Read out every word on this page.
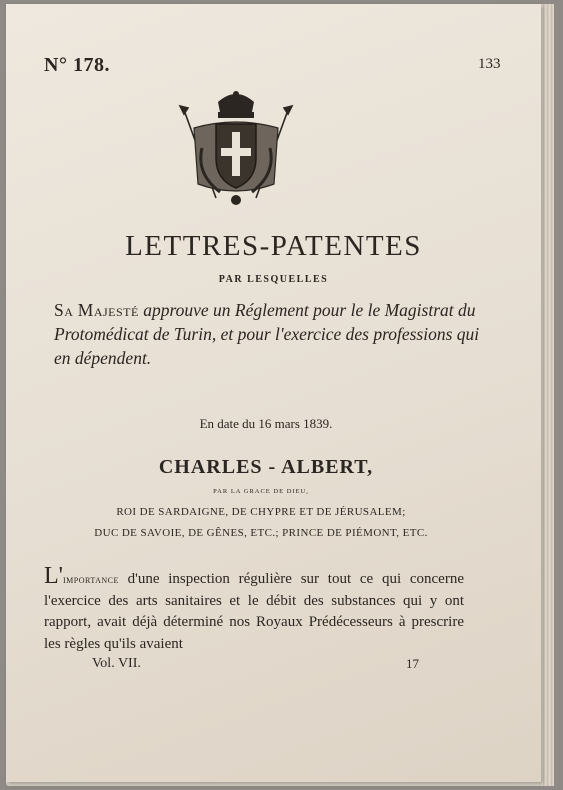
N° 178.	133
LETTRES-PATENTES
PAR LESQUELLES
Sa Majesté approuve un Réglement pour le le Magistrat du Protomédicat de Turin, et pour l'exercice des professions qui en dépendent.
En date du 16 mars 1839.
CHARLES - ALBERT,
PAR LA GRACE DE DIEU,
ROI DE SARDAIGNE, DE CHYPRE ET DE JÉRUSALEM;
DUC DE SAVOIE, DE GÊNES, ETC.; PRINCE DE PIÉMONT, ETC.
L'importance d'une inspection régulière sur tout ce qui concerne l'exercice des arts sanitaires et le débit des substances qui y ont rapport, avait déjà déterminé nos Royaux Prédécesseurs à prescrire les règles qu'ils avaient
Vol. VII.	17
